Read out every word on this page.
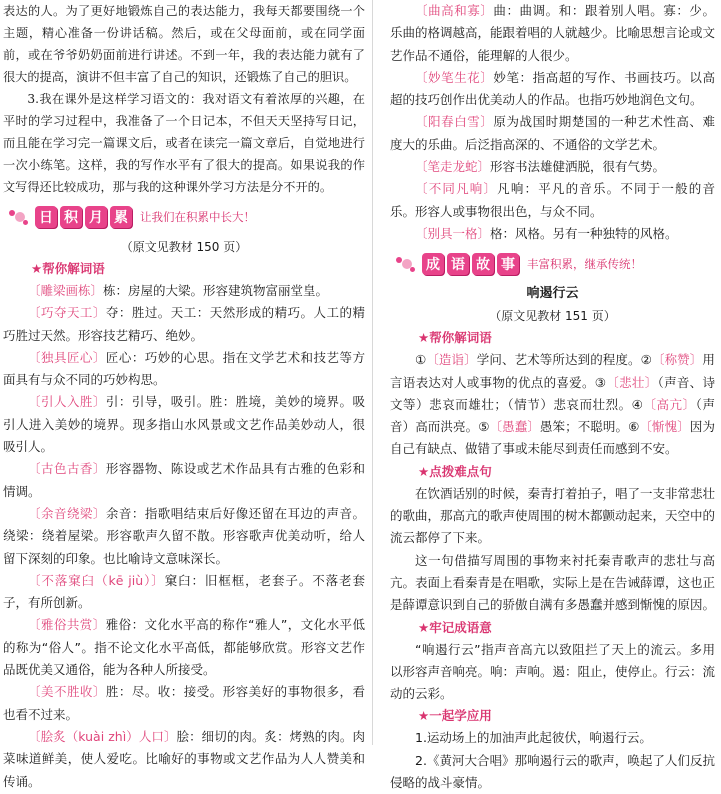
表达的人。为了更好地锻炼自己的表达能力，我每天都要围绕一个主题，精心准备一份讲话稿。然后，或在父母面前，或在同学面前，或在爷爷奶奶面前进行讲述。不到一年，我的表达能力就有了很大的提高，演讲不但丰富了自己的知识，还锻炼了自己的胆识。

3.我在课外是这样学习语文的：我对语文有着浓厚的兴趣，在平时的学习过程中，我准备了一个日记本，不但天天坚持写日记，而且能在学习完一篇课文后，或者在读完一篇文章后，自觉地进行一次小练笔。这样，我的写作水平有了很大的提高。如果说我的作文写得还比较成功，那与我的这种课外学习方法是分不开的。

日 积 月 累	让我们在积累中长大！

（原文见教材 150 页）

★帮你解词语

〔 雕梁画栋 〕 栋：房屋的大梁。形容建筑物富丽堂皇。

〔 巧夺天工 〕 夺：胜过。天工：天然形成的精巧。人工的精巧胜过天然。形容技艺精巧、绝妙。

〔 独具匠心 〕 匠心：巧妙的心思。指在文学艺术和技艺等方面具有与众不同的巧妙构思。

〔 引人入胜 〕 引：引导，吸引。胜：胜境，美妙的境界。吸引人进入美妙的境界。现多指山水风景或文艺作品美妙动人，很吸引人。

〔 古色古香 〕 形容器物、陈设或艺术作品具有古雅的色彩和情调。

〔 余音绕梁 〕 余音：指歌唱结束后好像还留在耳边的声音。绕梁：绕着屋梁。形容歌声久留不散。形容歌声优美动听，给人留下深刻的印象。也比喻诗文意味深长。

〔 不落窠臼（kē jiù） 〕 窠臼：旧框框，老套子。不落老套子，有所创新。

〔 雅俗共赏 〕 雅俗：文化水平高的称作“雅人”，文化水平低的称为“俗人”。指不论文化水平高低，都能够欣赏。形容文艺作品既优美又通俗，能为各种人所接受。

〔 美不胜收 〕 胜：尽。收：接受。形容美好的事物很多，看也看不过来。

〔 脍炙（kuài zhì）人口 〕 脍：细切的肉。炙：烤熟的肉。肉菜味道鲜美，使人爱吃。比喻好的事物或文艺作品为人人赞美和传诵。

〔 曲高和寡 〕 曲：曲调。和：跟着别人唱。寡：少。乐曲的格调越高，能跟着唱的人就越少。比喻思想言论或文艺作品不通俗，能理解的人很少。

〔 妙笔生花 〕 妙笔：指高超的写作、书画技巧。以高超的技巧创作出优美动人的作品。也指巧妙地润色文句。

〔 阳春白雪 〕 原为战国时期楚国的一种艺术性高、难度大的乐曲。后泛指高深的、不通俗的文学艺术。

〔 笔走龙蛇 〕 形容书法雄健洒脱，很有气势。

〔 不同凡响 〕 凡响：平凡的音乐。不同于一般的音乐。形容人或事物很出色，与众不同。

〔 别具一格 〕 格：风格。另有一种独特的风格。

成 语 故 事	丰富积累，继承传统！

响遏行云

（原文见教材 151 页）

★帮你解词语

① 〔 造诣 〕 学问、艺术等所达到的程度。② 〔 称赞 〕 用言语表达对人或事物的优点的喜爱。③ 〔 悲壮 〕 （声音、诗文等）悲哀而雄壮；（情节）悲哀而壮烈。④ 〔 高亢 〕 （声音）高而洪亮。⑤ 〔 愚蠢 〕 愚笨；不聪明。⑥ 〔 惭愧 〕 因为自己有缺点、做错了事或未能尽到责任而感到不安。

★点拨难点句

在饮酒话别的时候，秦青打着拍子，唱了一支非常悲壮的歌曲，那高亢的歌声使周围的树木都颤动起来，天空中的流云都停了下来。

这一句借描写周围的事物来衬托秦青歌声的悲壮与高亢。表面上看秦青是在唱歌，实际上是在告诫薛谭，这也正是薛谭意识到自己的骄傲自满有多愚蠢并感到惭愧的原因。

★牢记成语意

“响遏行云”指声音高亢以致阻拦了天上的流云。多用以形容声音响亮。响：声响。遏：阻止，使停止。行云：流动的云彩。

★一起学应用

1.运动场上的加油声此起彼伏，响遏行云。

2.《黄河大合唱》那响遏行云的歌声，唤起了人们反抗侵略的战斗豪情。
